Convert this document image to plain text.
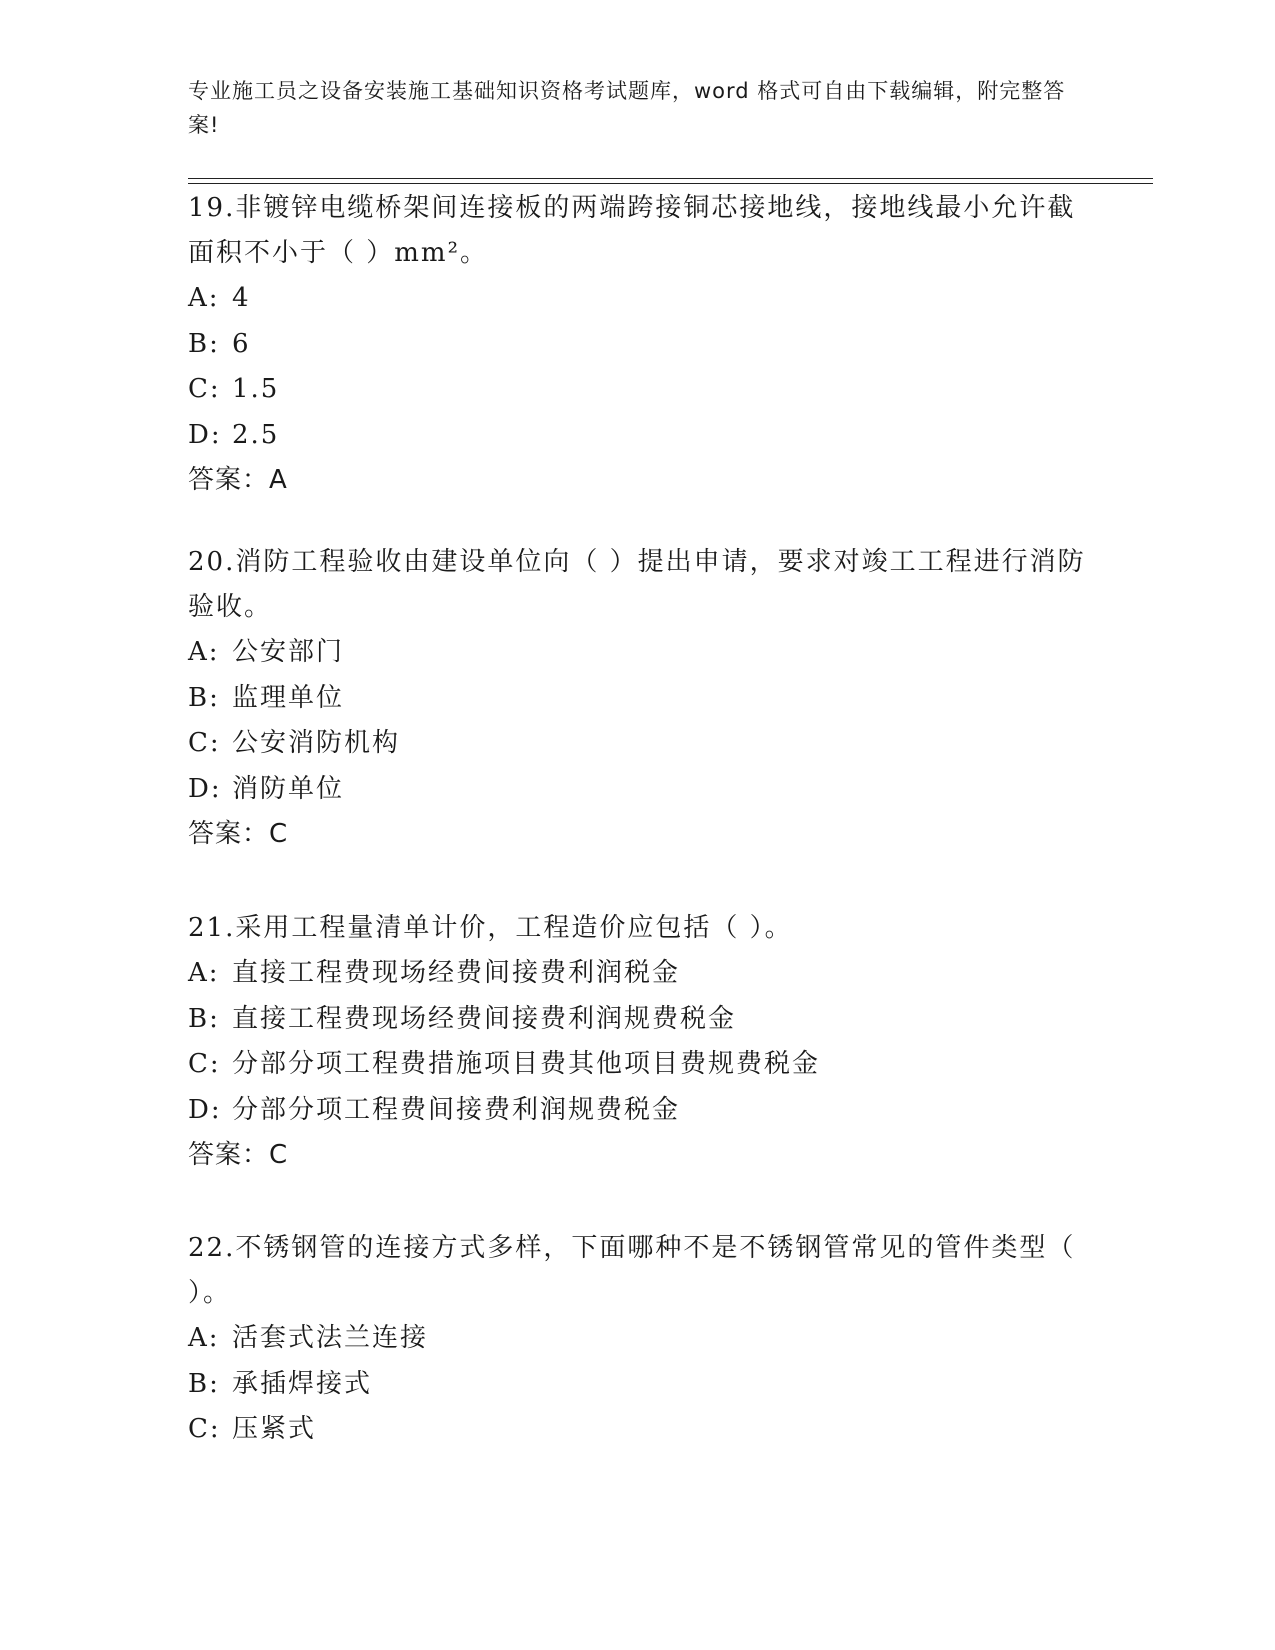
专业施工员之设备安装施工基础知识资格考试题库，word 格式可自由下载编辑，附完整答案!

19.非镀锌电缆桥架间连接板的两端跨接铜芯接地线，接地线最小允许截面积不小于（ ）mm²。

A: 4
B: 6
C: 1.5
D: 2.5
答案：A

20.消防工程验收由建设单位向（ ）提出申请，要求对竣工工程进行消防验收。

A: 公安部门
B: 监理单位
C: 公安消防机构
D: 消防单位
答案：C

21.采用工程量清单计价，工程造价应包括（ ）。

A: 直接工程费现场经费间接费利润税金
B: 直接工程费现场经费间接费利润规费税金
C: 分部分项工程费措施项目费其他项目费规费税金
D: 分部分项工程费间接费利润规费税金
答案：C

22.不锈钢管的连接方式多样，下面哪种不是不锈钢管常见的管件类型（ ）。

A: 活套式法兰连接
B: 承插焊接式
C: 压紧式
